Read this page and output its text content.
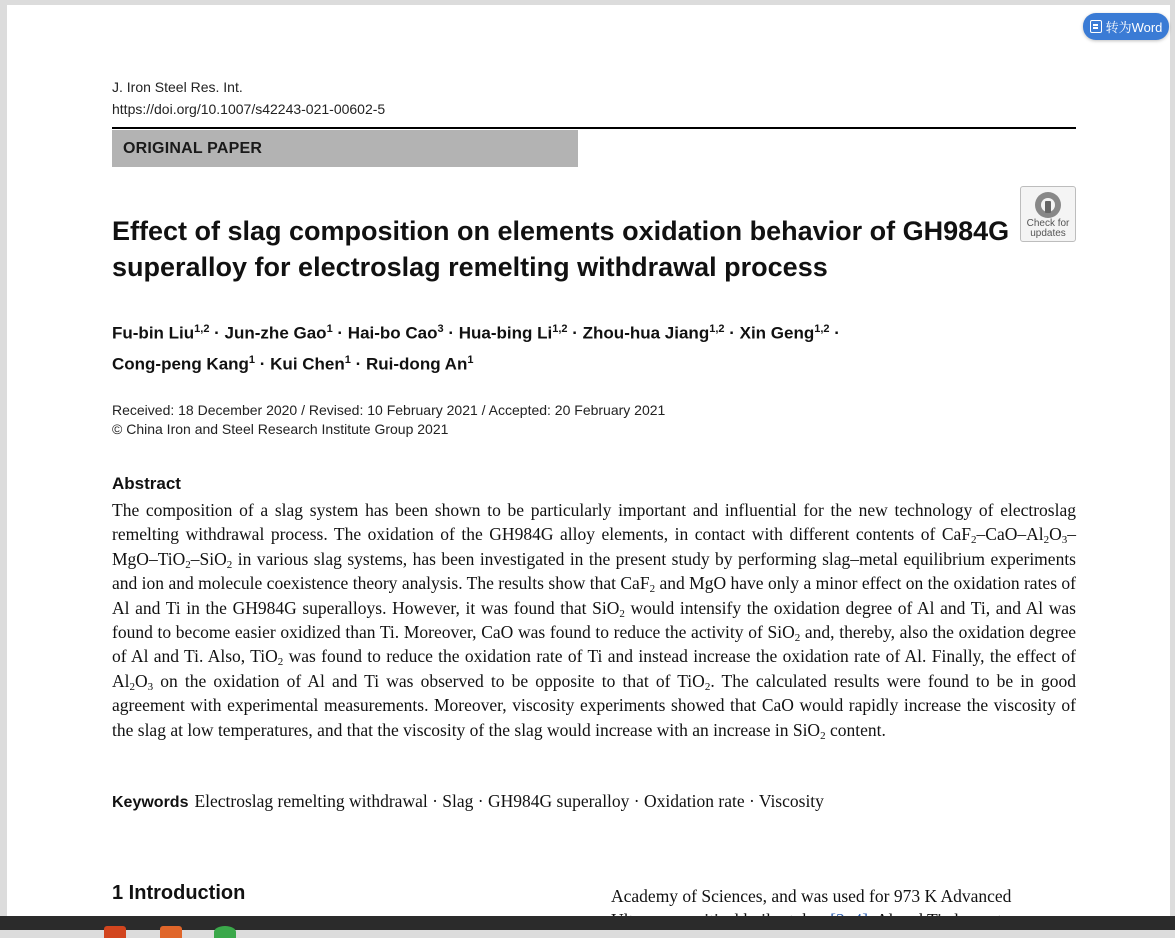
J. Iron Steel Res. Int.
https://doi.org/10.1007/s42243-021-00602-5
ORIGINAL PAPER
Check for
updates
Effect of slag composition on elements oxidation behavior of GH984G
superalloy for electroslag remelting withdrawal process
Fu-bin Liu$^{1,2}$ · Jun-zhe Gao$^1$ · Hai-bo Cao$^3$ · Hua-bing Li$^{1,2}$ · Zhou-hua Jiang$^{1,2}$ · Xin Geng$^{1,2}$ ·
Cong-peng Kang$^1$ · Kui Chen$^1$ · Rui-dong An$^1$
Received: 18 December 2020 / Revised: 10 February 2021 / Accepted: 20 February 2021
© China Iron and Steel Research Institute Group 2021
Abstract
The composition of a slag system has been shown to be particularly important and influential for the new technology of electroslag remelting withdrawal process. The oxidation of the GH984G alloy elements, in contact with different contents of $CaF_2-CaO-Al_2O_3-MgO-TiO_2-SiO_2$ in various slag systems, has been investigated in the present study by performing slag–metal equilibrium experiments and ion and molecule coexistence theory analysis. The results show that CaF$_2$ and MgO have only a minor effect on the oxidation rates of Al and Ti in the GH984G superalloys. However, it was found that SiO$_2$ would intensify the oxidation degree of Al and Ti, and Al was found to become easier oxidized than Ti. Moreover, CaO was found to reduce the activity of SiO$_2$ and, thereby, also the oxidation degree of Al and Ti. Also, TiO$_2$ was found to reduce the oxidation rate of Ti and instead increase the oxidation rate of Al. Finally, the effect of $Al_2O_3$ on the oxidation of Al and Ti was observed to be opposite to that of TiO$_2$. The calculated results were found to be in good agreement with experimental measurements. Moreover, viscosity experiments showed that CaO would rapidly increase the viscosity of the slag at low temperatures, and that the viscosity of the slag would increase with an increase in SiO$_2$ content.
Keywords Electroslag remelting withdrawal · Slag · GH984G superalloy · Oxidation rate · Viscosity
1 Introduction	Academy of Sciences, and was used for 973 K Advanced
转为Word
